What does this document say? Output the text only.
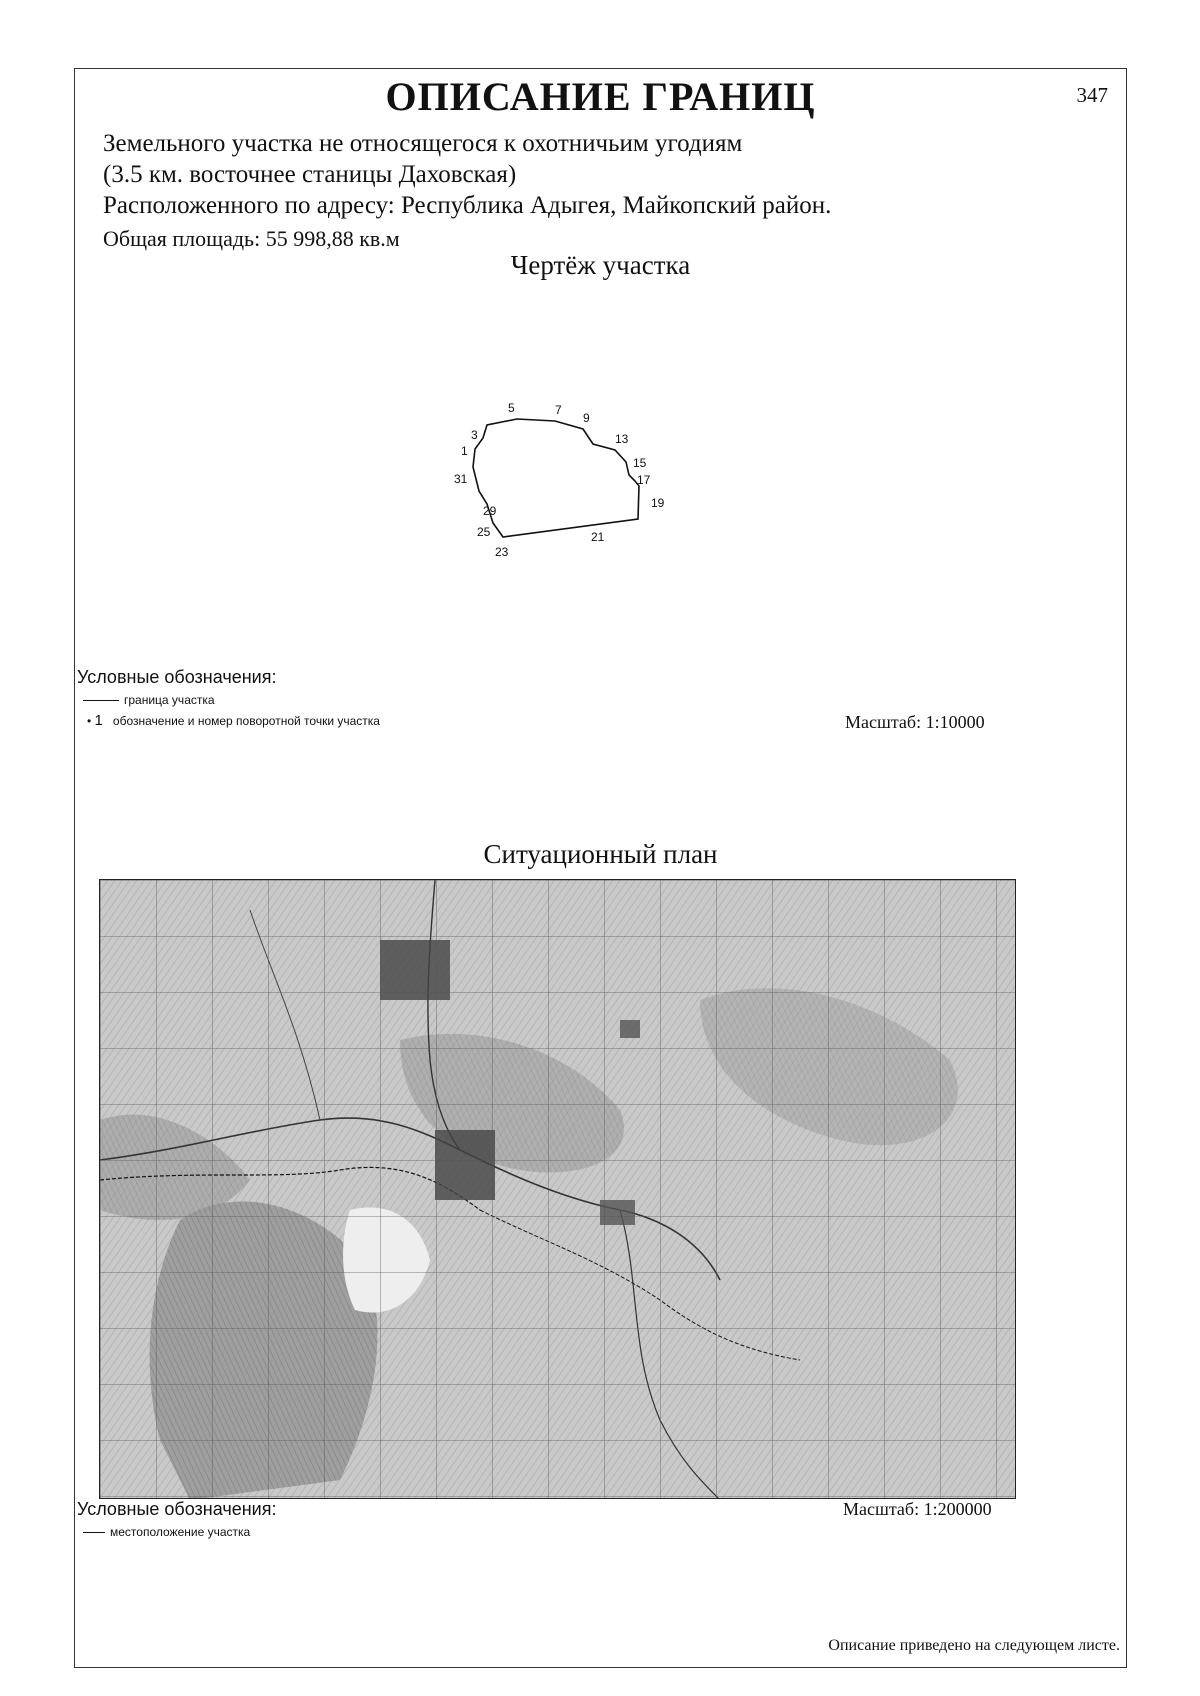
ОПИСАНИЕ ГРАНИЦ	347
Земельного участка не относящегося к охотничьим угодиям
(3.5 км. восточнее станицы Даховская)
Расположенного по адресу: Республика Адыгея, Майкопский район.
Общая площадь: 55 998,88 кв.м
Чертёж участка
5	7
9
3	13
1
15
31	17
19
29
25	21
23
Условные обозначения:
граница участка
• 1 обозначение и номер поворотной точки участка	Масштаб: 1:10000
Ситуационный план
Условные обозначения:
местоположение участка
Масштаб: 1:200000
Описание приведено на следующем листе.
